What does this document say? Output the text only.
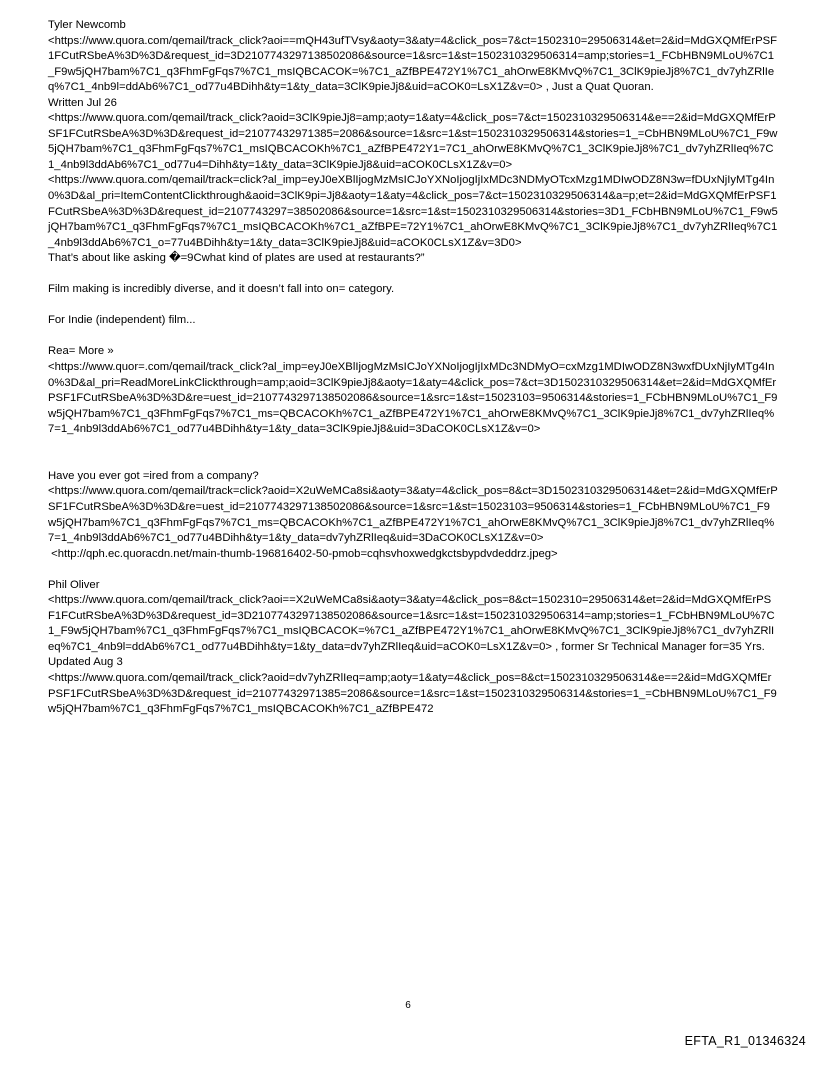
Tyler Newcomb
<https://www.quora.com/qemail/track_click?aoi==mQH43ufTVsy&aoty=3&aty=4&click_pos=7&ct=1502310=29506314&et=2&id=MdGXQMfErPSF1FCutRSbeA%3D%3D&request_id=3D2107743297138502086&source=1&src=1&st=1502310329506314=amp;stories=1_FCbHBN9MLoU%7C1_F9w5jQH7bam%7C1_q3FhmFgFqs7%7C1_msIQBCACOK=%7C1_aZfBPE472Y1%7C1_ahOrwE8KMvQ%7C1_3ClK9pieJj8%7C1_dv7yhZRlIeq%7C1_4nb9l=ddAb6%7C1_od77u4BDihh&ty=1&ty_data=3ClK9pieJj8&uid=aCOK0=LsX1Z&v=0> , Just a Quat Quoran.
Written Jul 26
<https://www.quora.com/qemail/track_click?aoid=3ClK9pieJj8=amp;aoty=1&aty=4&click_pos=7&ct=1502310329506314&e==2&id=MdGXQMfErPSF1FCutRSbeA%3D%3D&request_id=21077432971385=2086&source=1&src=1&st=1502310329506314&stories=1_=CbHBN9MLoU%7C1_F9w5jQH7bam%7C1_q3FhmFgFqs7%7C1_msIQBCACOKh%7C1_aZfBPE472Y1=7C1_ahOrwE8KMvQ%7C1_3ClK9pieJj8%7C1_dv7yhZRlIeq%7C1_4nb9l3ddAb6%7C1_od77u4=Dihh&ty=1&ty_data=3ClK9pieJj8&uid=aCOK0CLsX1Z&v=0>
<https://www.quora.com/qemail/track=click?al_imp=eyJ0eXBlIjogMzMsICJoYXNoIjogIjIxMDc3NDMyOTcxMzg1MDIwODZ8N3w=fDUxNjIyMTg4In0%3D&al_pri=ItemContentClickthrough&aoid=3ClK9pi=Jj8&aoty=1&aty=4&click_pos=7&ct=1502310329506314&a=p;et=2&id=MdGXQMfErPSF1FCutRSbeA%3D%3D&request_id=2107743297=38502086&source=1&src=1&st=1502310329506314&stories=3D1_FCbHBN9MLoU%7C1_F9w5jQH7bam%7C1_q3FhmFgFqs7%7C1_msIQBCACOKh%7C1_aZfBPE=72Y1%7C1_ahOrwE8KMvQ%7C1_3ClK9pieJj8%7C1_dv7yhZRlIeq%7C1_4nb9l3ddAb6%7C1_o=77u4BDihh&ty=1&ty_data=3ClK9pieJj8&uid=aCOK0CLsX1Z&v=3D0>
That’s about like asking �=9Cwhat kind of plates are used at restaurants?”
Film making is incredibly diverse, and it doesn’t fall into on= category.
For Indie (independent) film...
Rea= More »
<https://www.quor=.com/qemail/track_click?al_imp=eyJ0eXBlIjogMzMsICJoYXNoIjogIjIxMDc3NDMyO=cxMzg1MDIwODZ8N3wxfDUxNjIyMTg4In0%3D&al_pri=ReadMoreLinkClickthrough=amp;aoid=3ClK9pieJj8&aoty=1&aty=4&click_pos=7&ct=3D1502310329506314&et=2&id=MdGXQMfErPSF1FCutRSbeA%3D%3D&re=uest_id=2107743297138502086&source=1&src=1&st=15023103=9506314&stories=1_FCbHBN9MLoU%7C1_F9w5jQH7bam%7C1_q3FhmFgFqs7%7C1_ms=QBCACOKh%7C1_aZfBPE472Y1%7C1_ahOrwE8KMvQ%7C1_3ClK9pieJj8%7C1_dv7yhZRlIeq%7=1_4nb9l3ddAb6%7C1_od77u4BDihh&ty=1&ty_data=3ClK9pieJj8&uid=3DaCOK0CLsX1Z&v=0>
Have you ever got =ired from a company?
<https://www.quora.com/qemail/track=click?aoid=X2uWeMCa8si&aoty=3&aty=4&click_pos=8&ct=3D1502310329506314&et=2&id=MdGXQMfErPSF1FCutRSbeA%3D%3D&re=uest_id=2107743297138502086&source=1&src=1&st=15023103=9506314&stories=1_FCbHBN9MLoU%7C1_F9w5jQH7bam%7C1_q3FhmFgFqs7%7C1_ms=QBCACOKh%7C1_aZfBPE472Y1%7C1_ahOrwE8KMvQ%7C1_3ClK9pieJj8%7C1_dv7yhZRlIeq%7=1_4nb9l3ddAb6%7C1_od77u4BDihh&ty=1&ty_data=dv7yhZRlIeq&uid=3DaCOK0CLsX1Z&v=0>
<http://qph.ec.quoracdn.net/main-thumb-196816402-50-pmob=cqhsvhoxwedgkctsbypdvdeddrz.jpeg>
Phil Oliver
<https://www.quora.com/qemail/track_click?aoi==X2uWeMCa8si&aoty=3&aty=4&click_pos=8&ct=1502310=29506314&et=2&id=MdGXQMfErPSF1FCutRSbeA%3D%3D&request_id=3D2107743297138502086&source=1&src=1&st=1502310329506314=amp;stories=1_FCbHBN9MLoU%7C1_F9w5jQH7bam%7C1_q3FhmFgFqs7%7C1_msIQBCACOK=%7C1_aZfBPE472Y1%7C1_ahOrwE8KMvQ%7C1_3ClK9pieJj8%7C1_dv7yhZRlIeq%7C1_4nb9l=ddAb6%7C1_od77u4BDihh&ty=1&ty_data=dv7yhZRlIeq&uid=aCOK0=LsX1Z&v=0> , former Sr Technical Manager for=35 Yrs.
Updated Aug 3
<https://www.quora.com/qemail/track_click?aoid=dv7yhZRlIeq=amp;aoty=1&aty=4&click_pos=8&ct=1502310329506314&e==2&id=MdGXQMfErPSF1FCutRSbeA%3D%3D&request_id=21077432971385=2086&source=1&src=1&st=1502310329506314&stories=1_=CbHBN9MLoU%7C1_F9w5jQH7bam%7C1_q3FhmFgFqs7%7C1_msIQBCACOKh%7C1_aZfBPE472
6
EFTA_R1_01346324
